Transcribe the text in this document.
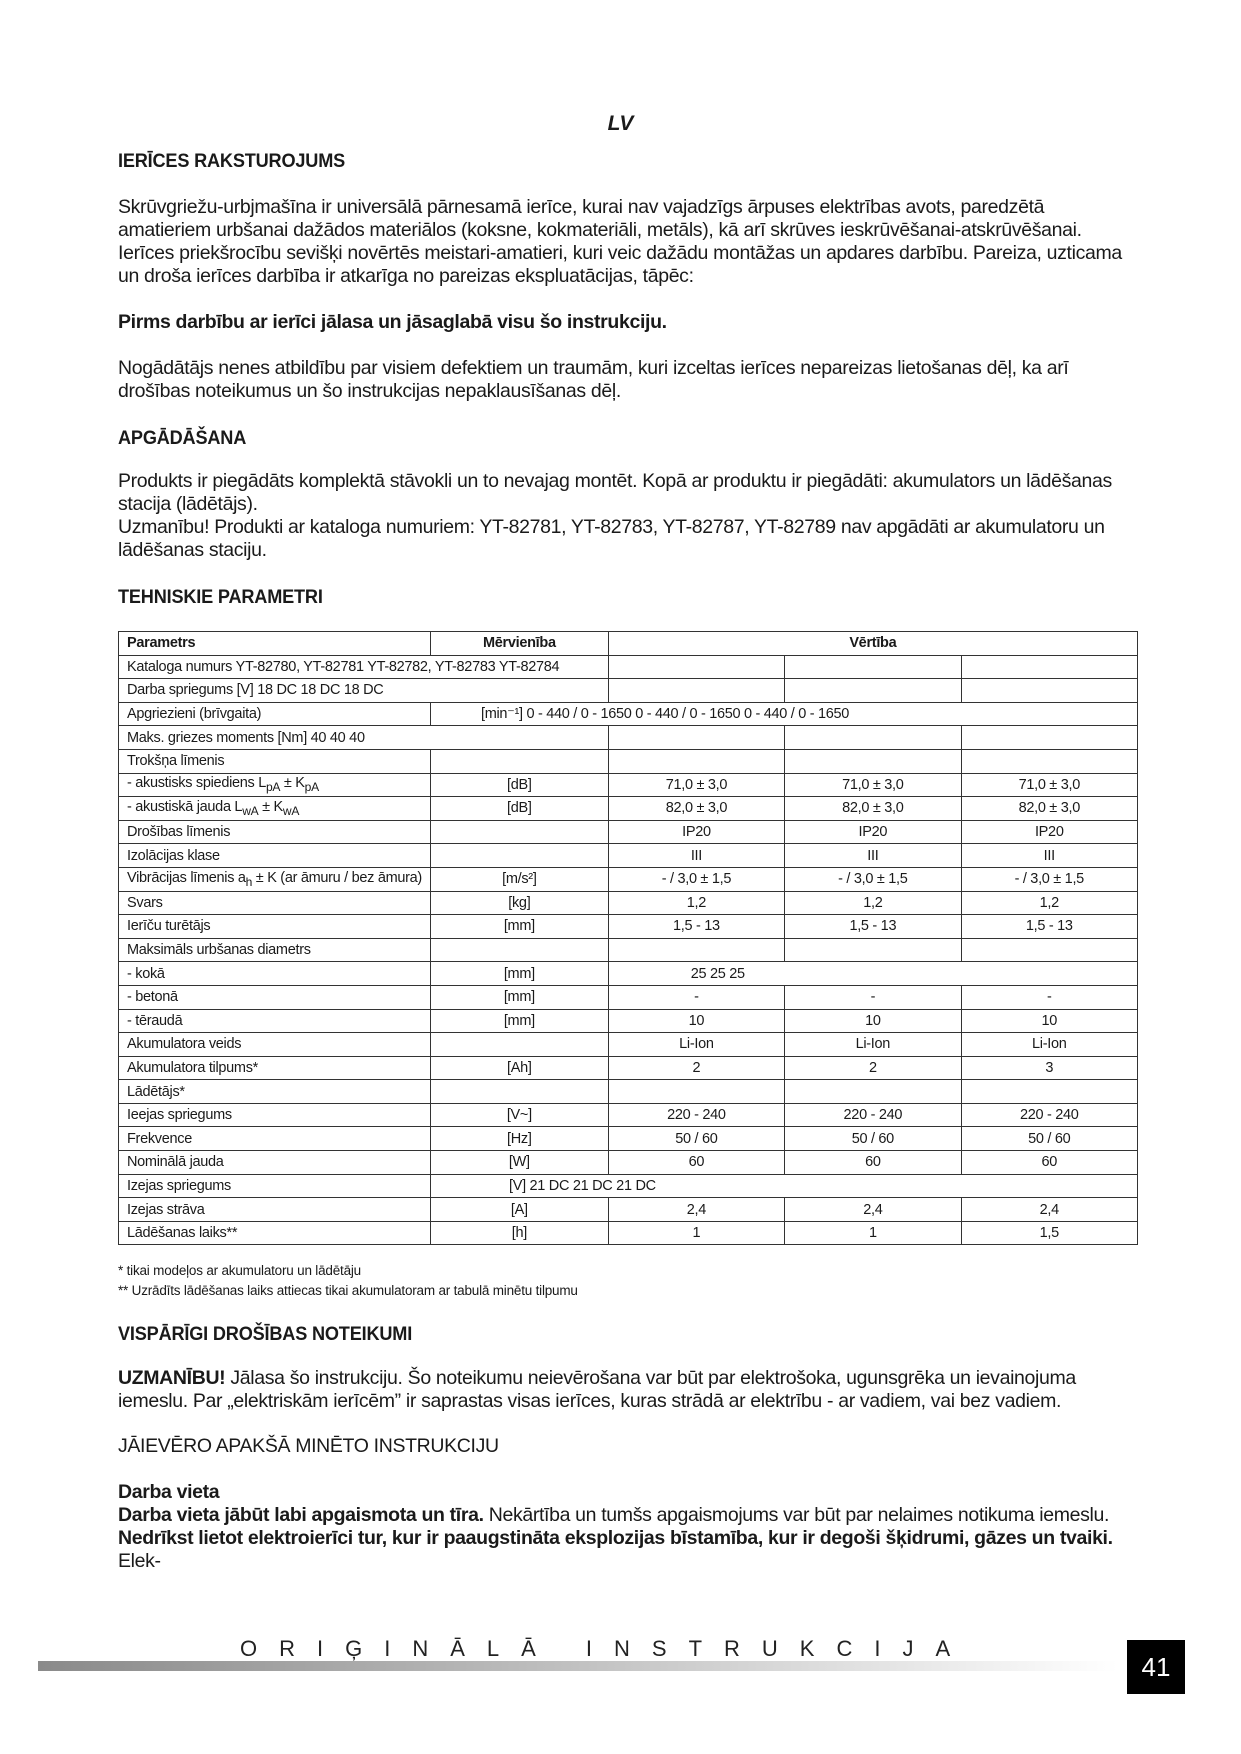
LV
IERĪCES RAKSTUROJUMS

Skrūvgriežu-urbjmašīna ir universālā pārnesamā ierīce, kurai nav vajadzīgs ārpuses elektrības avots, paredzētā amatieriem urbšanai dažādos materiālos (koksne, kokmateriāli, metāls), kā arī skrūves ieskrūvēšanai-atskrūvēšanai. Ierīces priekšrocību sevišķi novērtēs meistari-amatieri, kuri veic dažādu montāžas un apdares darbību. Pareiza, uzticama un droša ierīces darbība ir atkarīga no pareizas ekspluatācijas, tāpēc:

Pirms darbību ar ierīci jālasa un jāsaglabā visu šo instrukciju.

Nogādātājs nenes atbildību par visiem defektiem un traumām, kuri izceltas ierīces nepareizas lietošanas dēļ, ka arī drošības noteikumus un šo instrukcijas nepaklausīšanas dēļ.

APGĀDĀŠANA

Produkts ir piegādāts komplektā stāvokli un to nevajag montēt. Kopā ar produktu ir piegādāti: akumulators un lādēšanas stacija (lādētājs).

Uzmanību! Produkti ar kataloga numuriem: YT-82781, YT-82783, YT-82787, YT-82789 nav apgādāti ar akumulatoru un lādēšanas staciju.

TEHNISKIE PARAMETRI
Parametrs	Mērvienība	Vērtība		
Kataloga numurs YT-82780, YT-82781 YT-82782, YT-82783 YT-82784				
Darba spriegums [V] 18 DC 18 DC 18 DC				
Apgriezieni (brīvgaita)	[min⁻¹] 0 - 440 / 0 - 1650 0 - 440 / 0 - 1650 0 - 440 / 0 - 1650			
Maks. griezes moments [Nm] 40 40 40				
Trokšņa līmenis				
- akustisks spiediens $L_{pA} \pm K_{pA}$	[dB]	71,0 ± 3,0	71,0 ± 3,0	71,0 ± 3,0
- akustiskā jauda $L_{wA} \pm K_{wA}$	[dB]	82,0 ± 3,0	82,0 ± 3,0	82,0 ± 3,0
Drošības līmenis		IP20	IP20	IP20
Izolācijas klase		III	III	III
Vibrācijas līmenis $a_h \pm K$ (ar āmuru / bez āmura)	[m/s²]	- / 3,0 ± 1,5	- / 3,0 ± 1,5	- / 3,0 ± 1,5
Svars	[kg]	1,2	1,2	1,2
Ierīču turētājs	[mm]	1,5 - 13	1,5 - 13	1,5 - 13
Maksimāls urbšanas diametrs				
- kokā	[mm]	25 25 25		
- betonā	[mm]	-	-	-
- tēraudā	[mm]	10	10	10
Akumulatora veids		Li-Ion	Li-Ion	Li-Ion
Akumulatora tilpums*	[Ah]	2	2	3
Lādētājs*				
Ieejas spriegums	[V~]	220 - 240	220 - 240	220 - 240
Frekvence	[Hz]	50 / 60	50 / 60	50 / 60
Nominālā jauda	[W]	60	60	60
Izejas spriegums	[V] 21 DC 21 DC 21 DC			
Izejas strāva	[A]	2,4	2,4	2,4
Lādēšanas laiks**	[h]	1	1	1,5
* tikai modeļos ar akumulatoru un lādētāju
** Uzrādīts lādēšanas laiks attiecas tikai akumulatoram ar tabulā minētu tilpumu
VISPĀRĪGI DROŠĪBAS NOTEIKUMI

UZMANĪBU! Jālasa šo instrukciju. Šo noteikumu neievērošana var būt par elektrošoka, ugunsgrēka un ievainojuma iemeslu. Par „elektriskām ierīcēm” ir saprastas visas ierīces, kuras strādā ar elektrību - ar vadiem, vai bez vadiem.

JĀIEVĒRO APAKŠĀ MINĒTO INSTRUKCIJU

Darba vieta

Darba vieta jābūt labi apgaismota un tīra. Nekārtība un tumšs apgaismojums var būt par nelaimes notikuma iemeslu.

Nedrīkst lietot elektroierīci tur, kur ir paaugstināta eksplozijas bīstamība, kur ir degoši šķidrumi, gāzes un tvaiki. Elek-

ORIĢINĀLĀ INSTRUKCIJA
41
